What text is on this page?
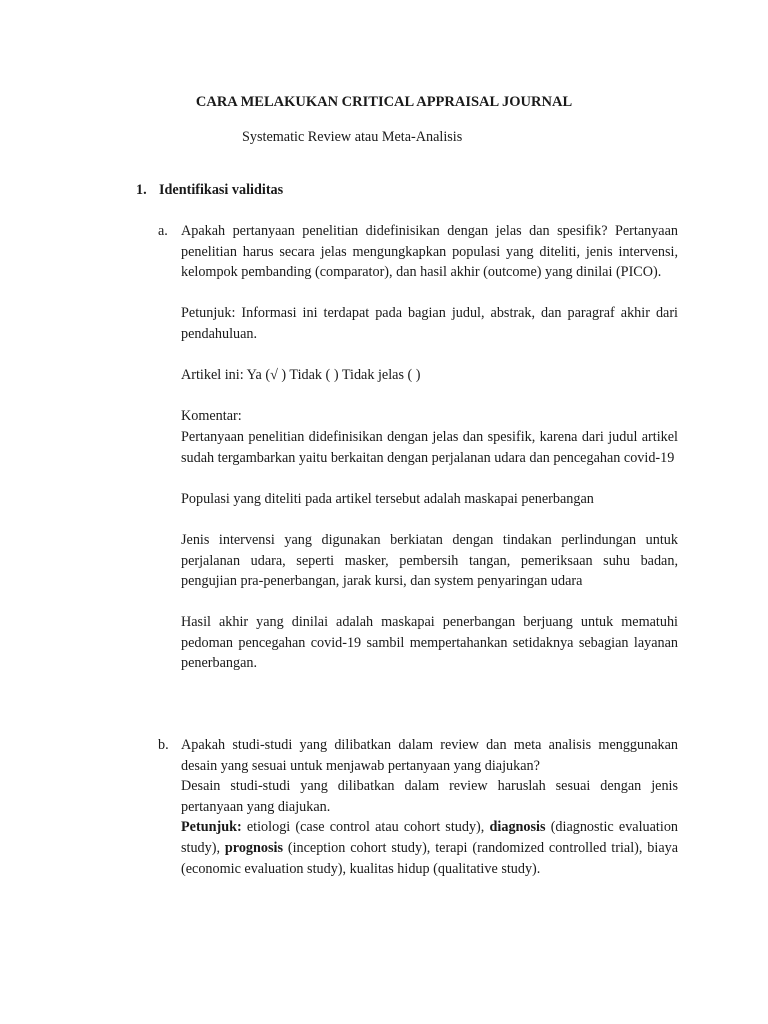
CARA MELAKUKAN CRITICAL APPRAISAL JOURNAL
Systematic Review atau Meta-Analisis
1. Identifikasi validitas
a. Apakah pertanyaan penelitian didefinisikan dengan jelas dan spesifik? Pertanyaan penelitian harus secara jelas mengungkapkan populasi yang diteliti, jenis intervensi, kelompok pembanding (comparator), dan hasil akhir (outcome) yang dinilai (PICO).

Petunjuk: Informasi ini terdapat pada bagian judul, abstrak, dan paragraf akhir dari pendahuluan.

Artikel ini: Ya (√ ) Tidak ( ) Tidak jelas ( )

Komentar:

Pertanyaan penelitian didefinisikan dengan jelas dan spesifik, karena dari judul artikel sudah tergambarkan yaitu berkaitan dengan perjalanan udara dan pencegahan covid-19

Populasi yang diteliti pada artikel tersebut adalah maskapai penerbangan

Jenis intervensi yang digunakan berkiatan dengan tindakan perlindungan untuk perjalanan udara, seperti masker, pembersih tangan, pemeriksaan suhu badan, pengujian pra-penerbangan, jarak kursi, dan system penyaringan udara

Hasil akhir yang dinilai adalah maskapai penerbangan berjuang untuk mematuhi pedoman pencegahan covid-19 sambil mempertahankan setidaknya sebagian layanan penerbangan.

b. Apakah studi-studi yang dilibatkan dalam review dan meta analisis menggunakan desain yang sesuai untuk menjawab pertanyaan yang diajukan?

Desain studi-studi yang dilibatkan dalam review haruslah sesuai dengan jenis pertanyaan yang diajukan.

Petunjuk: etiologi (case control atau cohort study), diagnosis (diagnostic evaluation study), prognosis (inception cohort study), terapi (randomized controlled trial), biaya (economic evaluation study), kualitas hidup (qualitative study).
